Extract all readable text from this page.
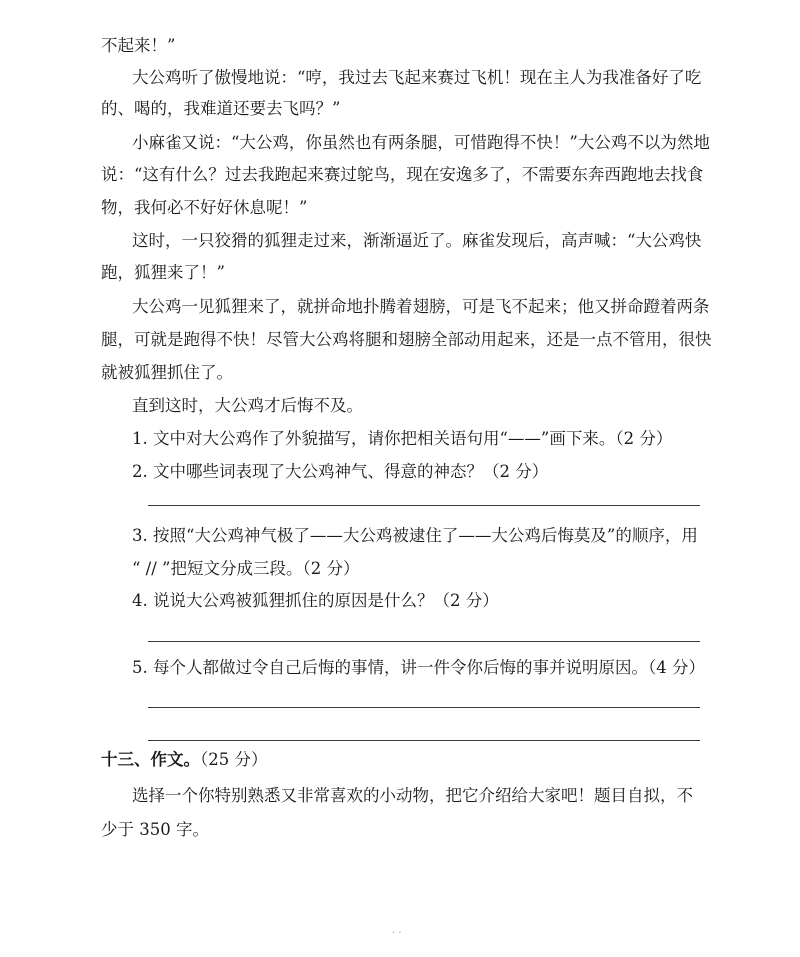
不起来！”
大公鸡听了傲慢地说：“哼，我过去飞起来赛过飞机！现在主人为我准备好了吃
的、喝的，我难道还要去飞吗？”
小麻雀又说：“大公鸡，你虽然也有两条腿，可惜跑得不快！”大公鸡不以为然地
说：“这有什么？过去我跑起来赛过鸵鸟，现在安逸多了，不需要东奔西跑地去找食
物，我何必不好好休息呢！”
这时，一只狡猾的狐狸走过来，渐渐逼近了。麻雀发现后，高声喊：“大公鸡快
跑，狐狸来了！”
大公鸡一见狐狸来了，就拼命地扑腾着翅膀，可是飞不起来；他又拼命蹬着两条
腿，可就是跑得不快！尽管大公鸡将腿和翅膀全部动用起来，还是一点不管用，很快
就被狐狸抓住了。
直到这时，大公鸡才后悔不及。
1. 文中对大公鸡作了外貌描写，请你把相关语句用“——”画下来。（2 分）
2. 文中哪些词表现了大公鸡神气、得意的神态？（2 分）
3. 按照“大公鸡神气极了——大公鸡被逮住了——大公鸡后悔莫及”的顺序，用
“ // ”把短文分成三段。（2 分）
4. 说说大公鸡被狐狸抓住的原因是什么？（2 分）
5. 每个人都做过令自己后悔的事情，讲一件令你后悔的事并说明原因。（4 分）
十三、作文。（25 分）
选择一个你特别熟悉又非常喜欢的小动物，把它介绍给大家吧！题目自拟，不
少于 350 字。
· ·
